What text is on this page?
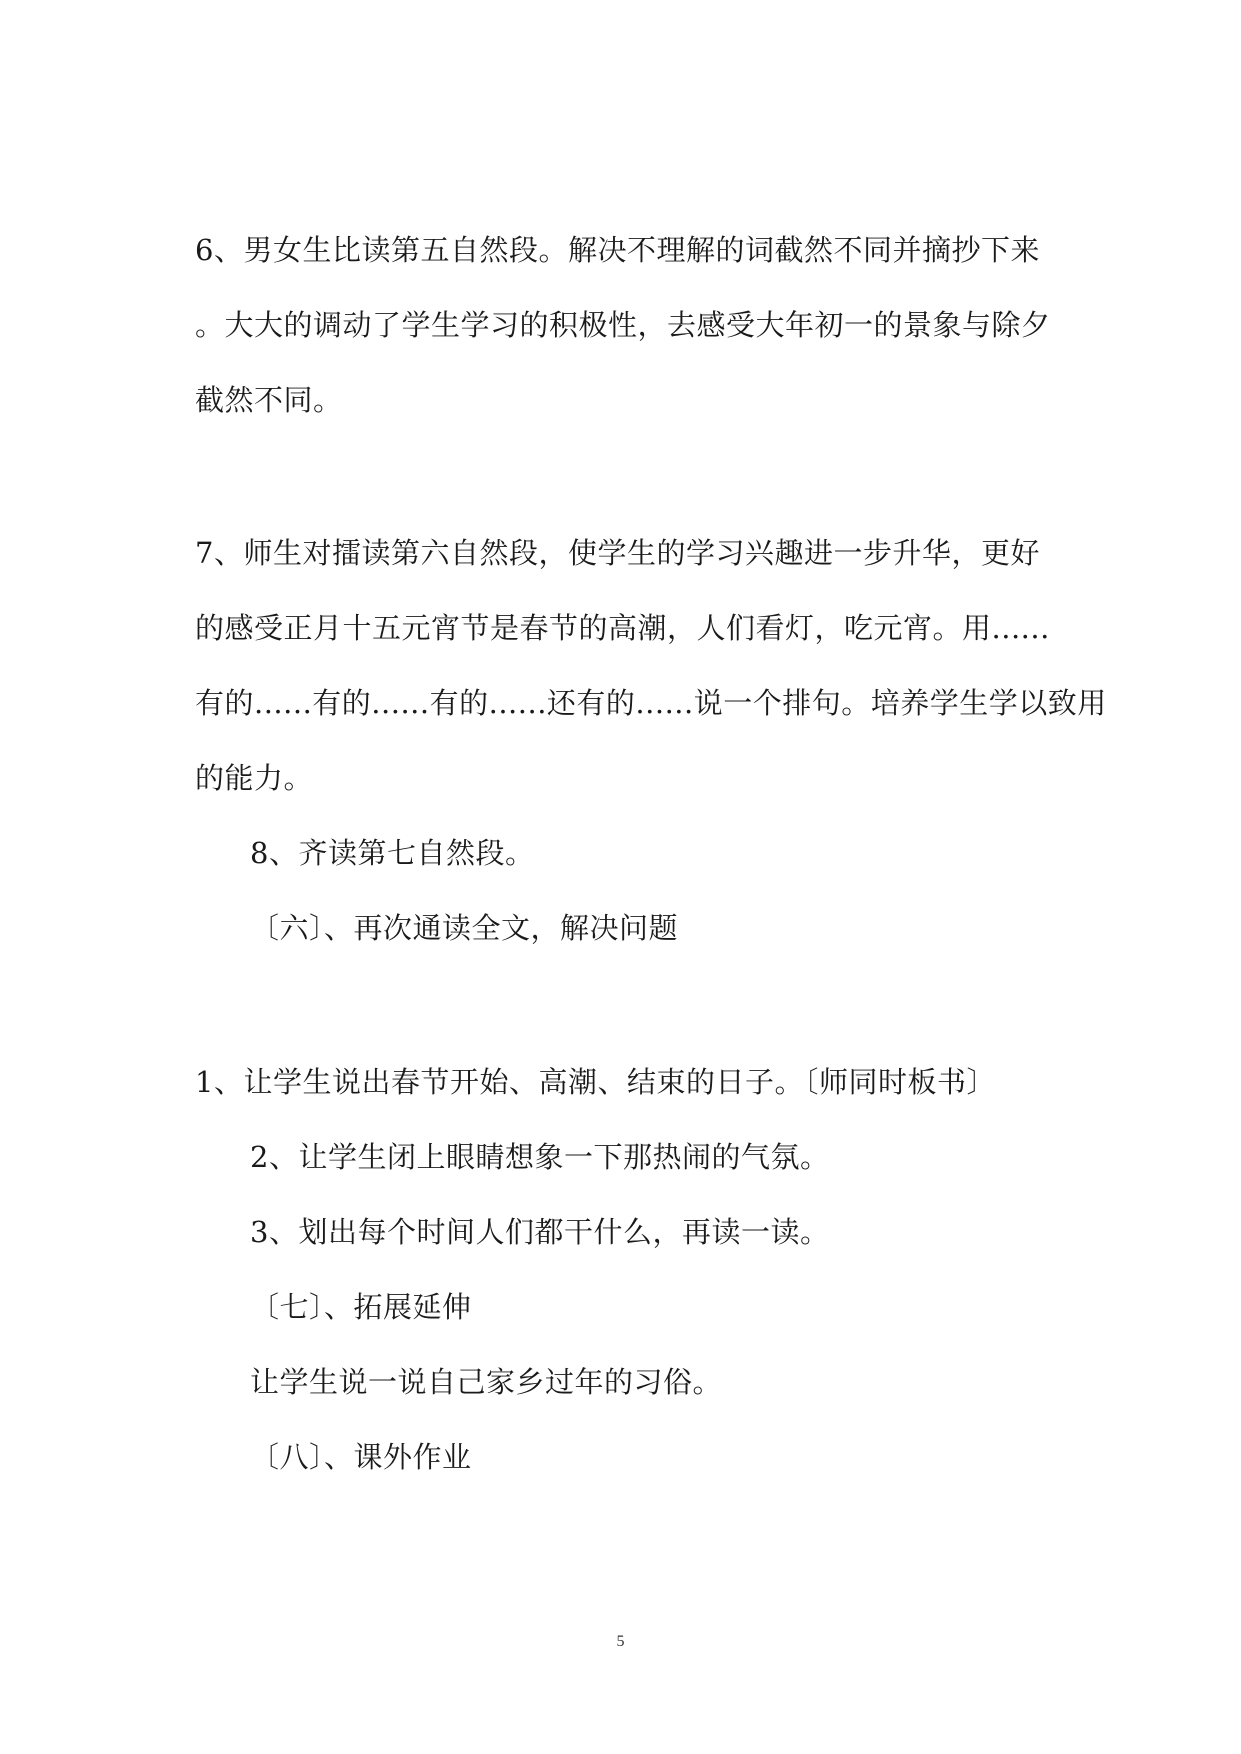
6、男女生比读第五自然段。解决不理解的词截然不同并摘抄下来
。大大的调动了学生学习的积极性，去感受大年初一的景象与除夕
截然不同。
7、师生对擂读第六自然段，使学生的学习兴趣进一步升华，更好
的感受正月十五元宵节是春节的高潮，人们看灯，吃元宵。用......
有的......有的......有的......还有的......说一个排句。培养学生学以致用
的能力。
8、齐读第七自然段。
〔六〕、再次通读全文，解决问题
1、让学生说出春节开始、高潮、结束的日子。〔师同时板书〕
2、让学生闭上眼睛想象一下那热闹的气氛。
3、划出每个时间人们都干什么，再读一读。
〔七〕、拓展延伸
让学生说一说自己家乡过年的习俗。
〔八〕、课外作业
5
